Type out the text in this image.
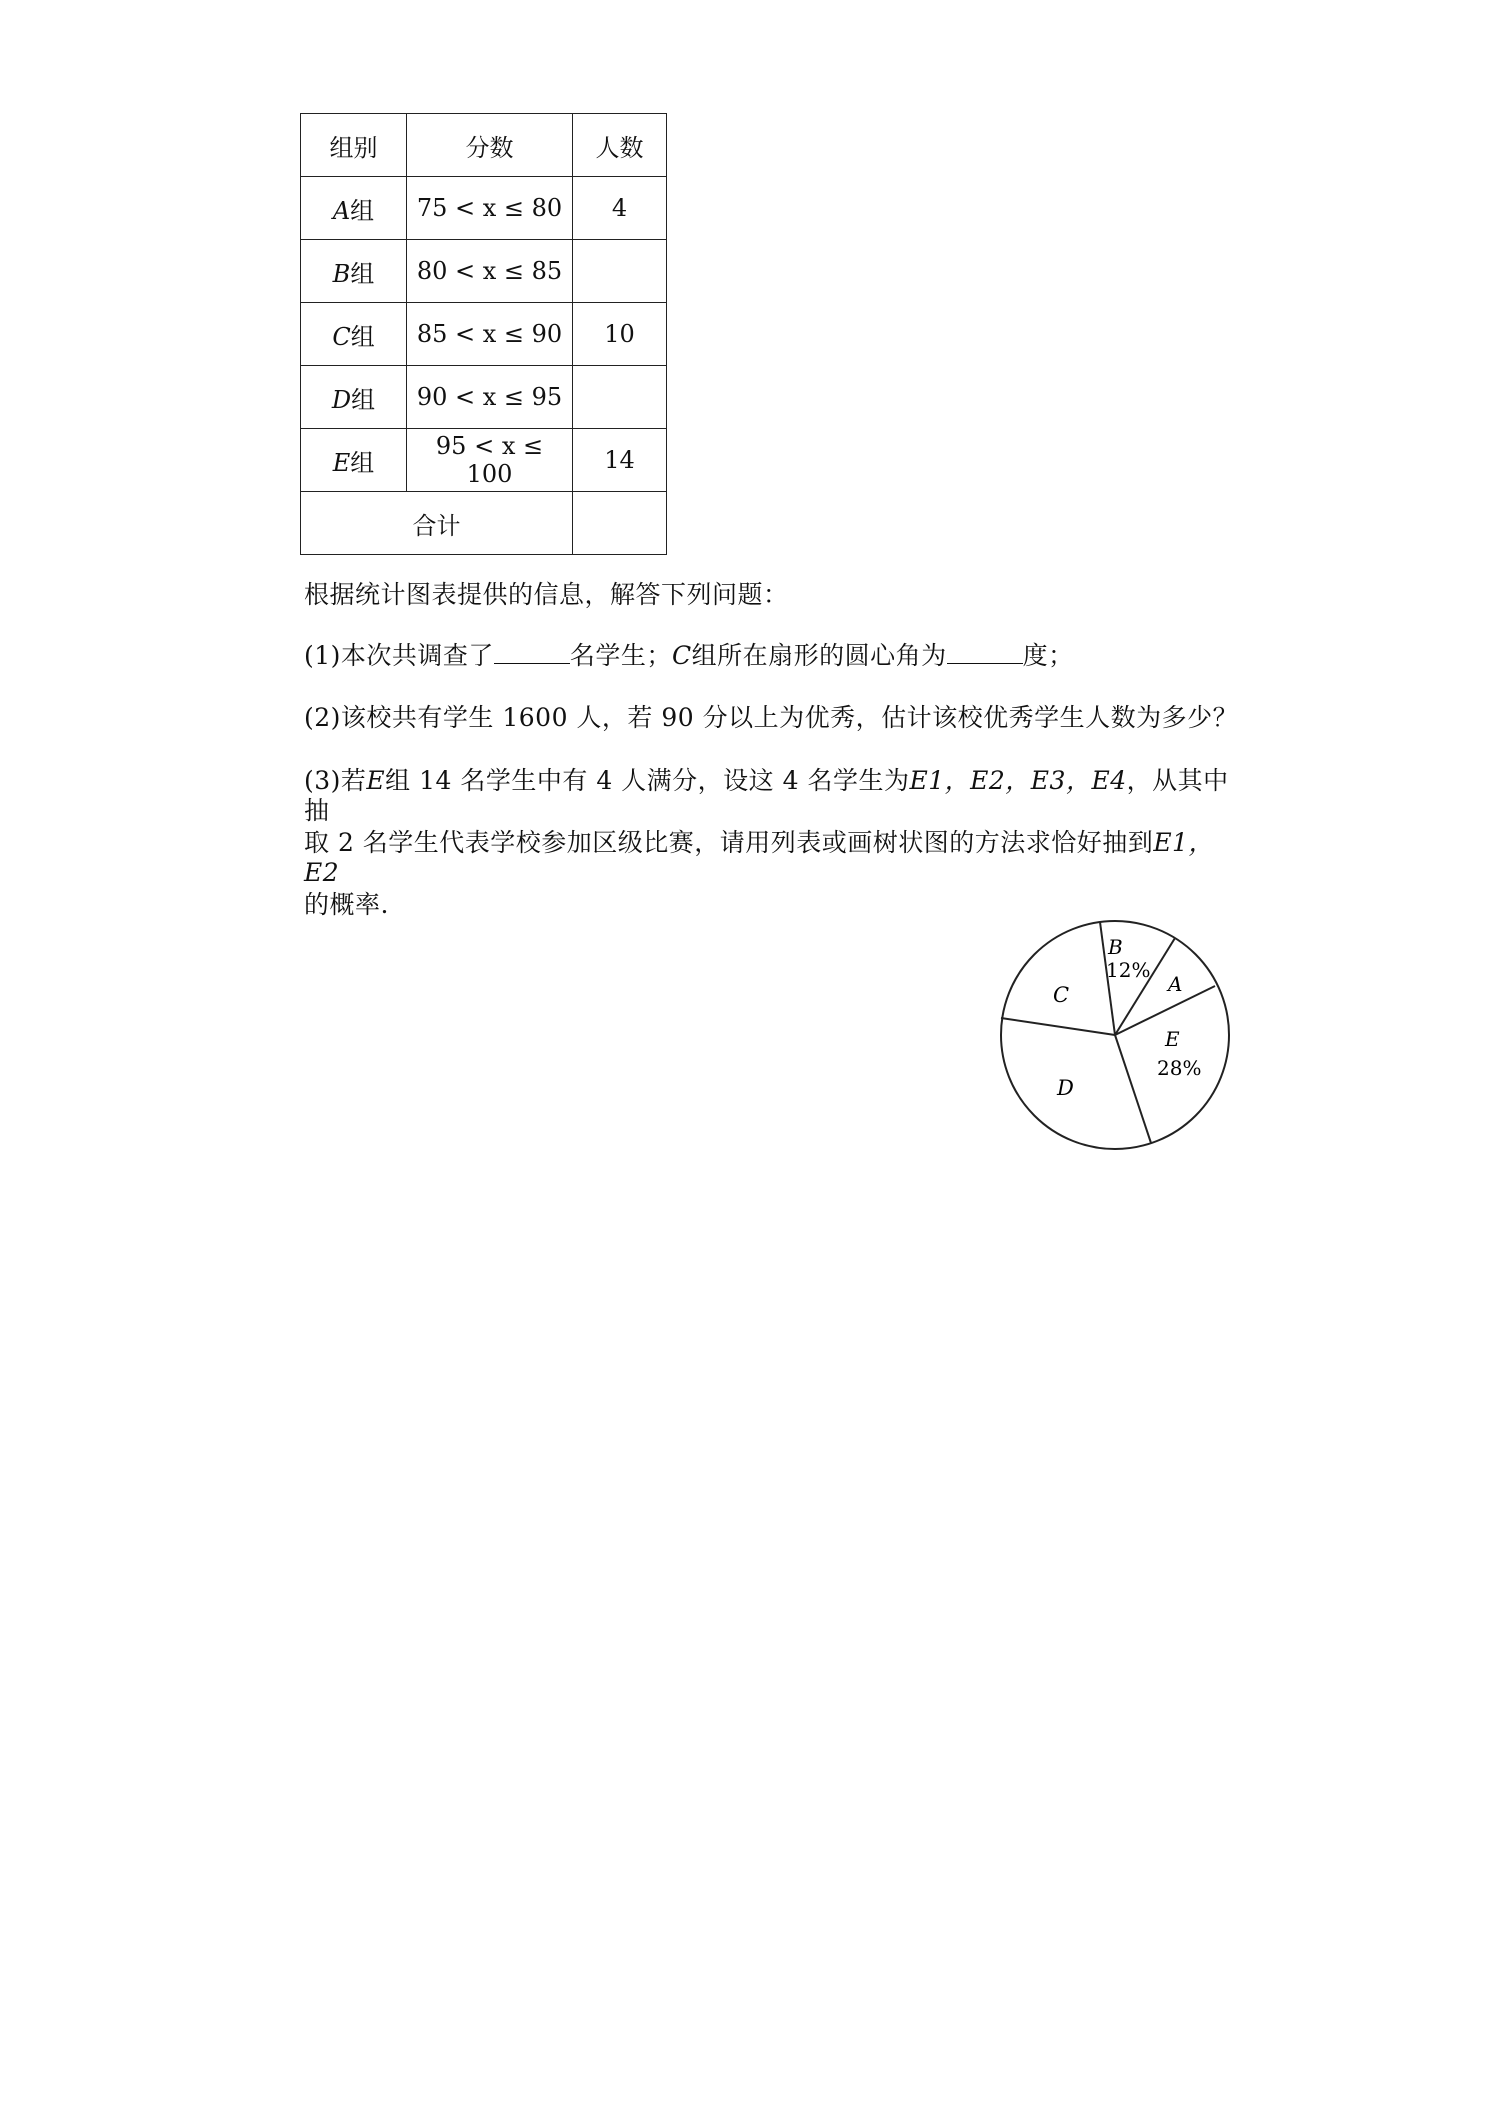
组别	分数	人数
A组	75 < x ≤ 80	4
B组	80 < x ≤ 85	
C组	85 < x ≤ 90	10
D组	90 < x ≤ 95	
E组	95 < x ≤ 100	14
合计		
根据统计图表提供的信息，解答下列问题：
(1)本次共调查了	名学生；C组所在扇形的圆心角为	度；
(2)该校共有学生 1600 人，若 90 分以上为优秀，估计该校优秀学生人数为多少？
(3)若E组 14 名学生中有 4 人满分，设这 4 名学生为E1，E2，E3，E4，从其中抽
取 2 名学生代表学校参加区级比赛，请用列表或画树状图的方法求恰好抽到E1，E2
的概率.
B
12%
A
C
E
28%
D
